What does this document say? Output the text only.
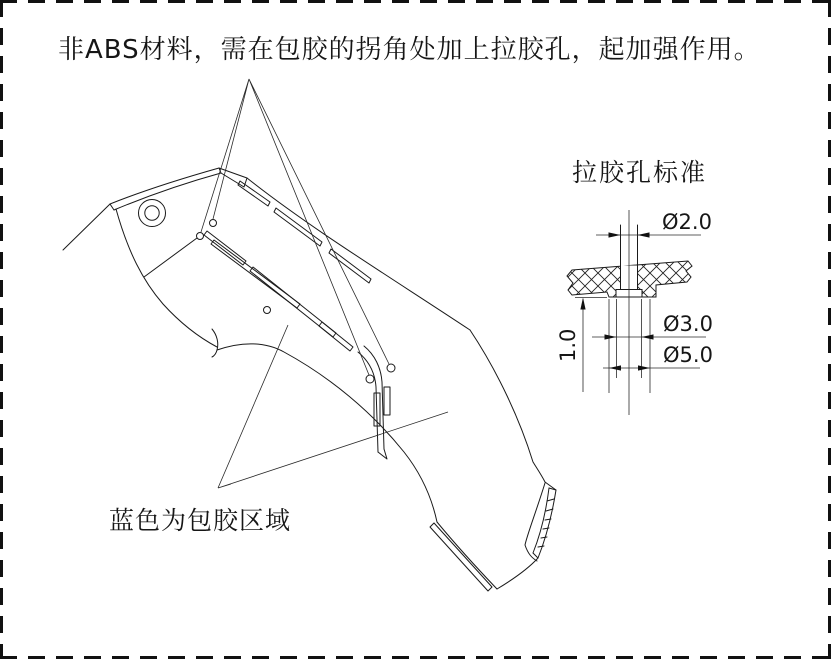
非ABS材料，需在包胶的拐角处加上拉胶孔，起加强作用。
拉胶孔标准
蓝色为包胶区域
Ø2.0
Ø3.0
Ø5.0
1.0
